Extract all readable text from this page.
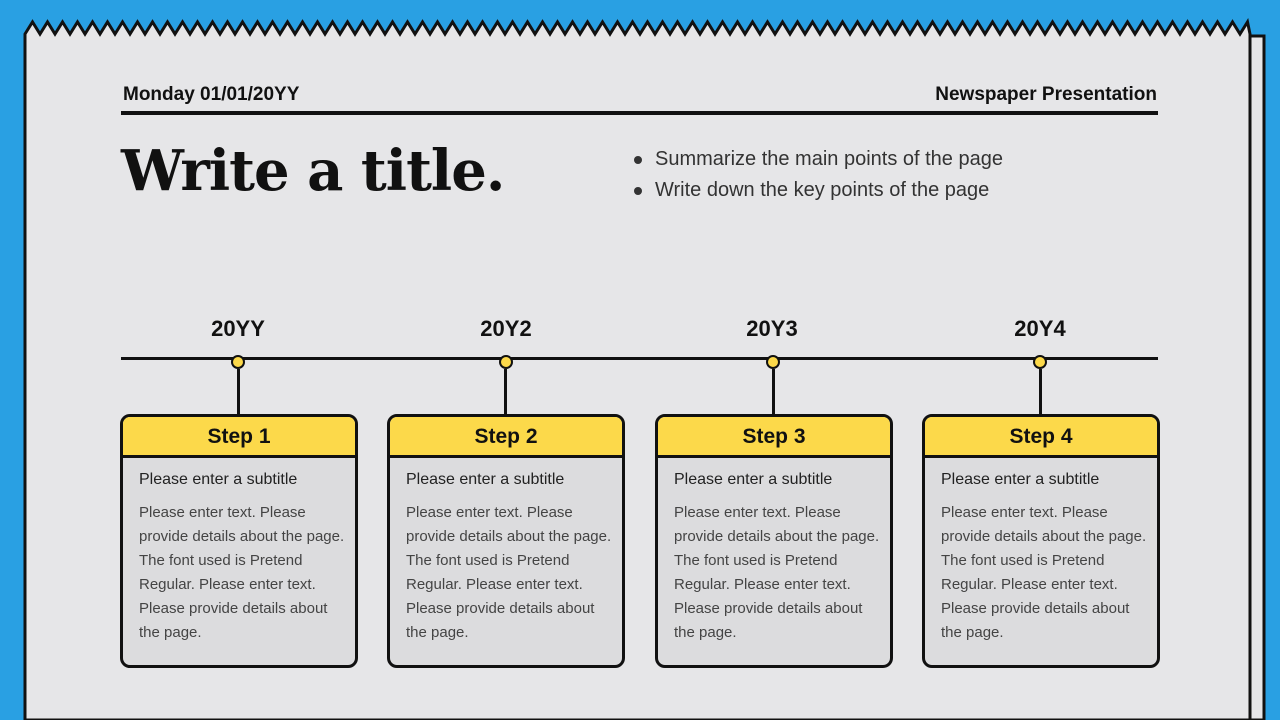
Monday 01/01/20YY	Newspaper Presentation
Write a title.	Summarize the main points of the page
Write down the key points of the page
20YY
Step 1
Please enter a subtitle
Please enter text. Please provide details about the page. The font used is Pretend Regular. Please enter text. Please provide details about the page.
20Y2
Step 2
Please enter a subtitle
Please enter text. Please provide details about the page. The font used is Pretend Regular. Please enter text. Please provide details about the page.
20Y3
Step 3
Please enter a subtitle
Please enter text. Please provide details about the page. The font used is Pretend Regular. Please enter text. Please provide details about the page.
20Y4
Step 4
Please enter a subtitle
Please enter text. Please provide details about the page. The font used is Pretend Regular. Please enter text. Please provide details about the page.
